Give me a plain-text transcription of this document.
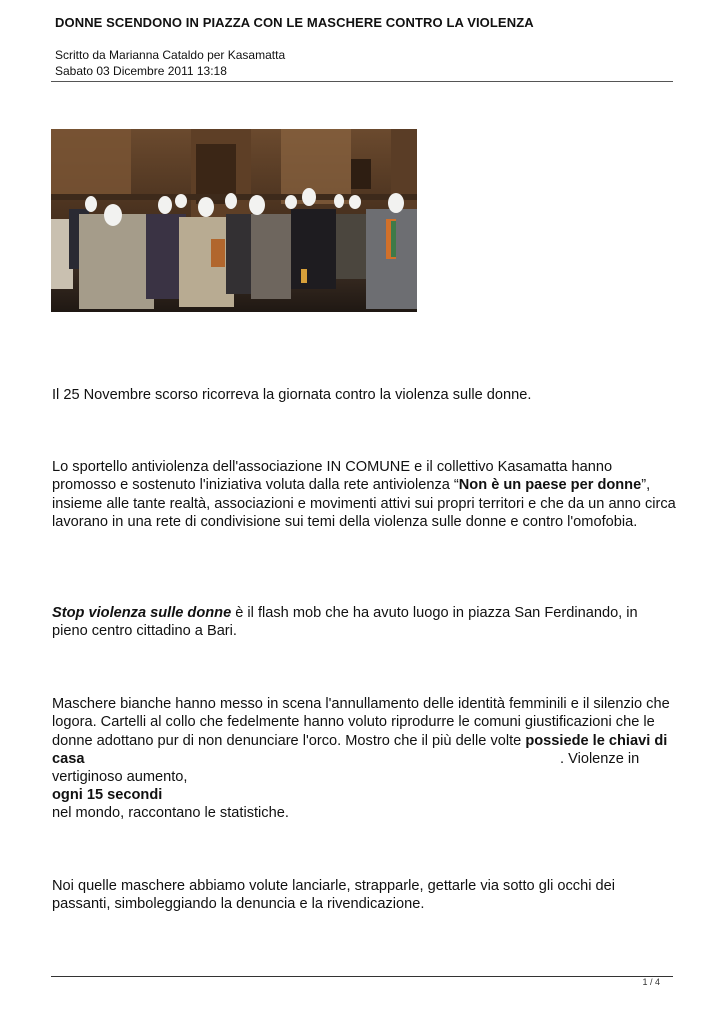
DONNE SCENDONO IN PIAZZA CON LE MASCHERE CONTRO LA VIOLENZA
Scritto da Marianna Cataldo per Kasamatta
Sabato 03 Dicembre 2011 13:18
Il 25 Novembre scorso ricorreva la giornata contro la violenza sulle donne.
Lo sportello antiviolenza dell'associazione IN COMUNE e il collettivo Kasamatta hanno promosso e sostenuto l'iniziativa voluta dalla rete antiviolenza “Non è un paese per donne”, insieme alle tante realtà, associazioni e movimenti attivi sui propri territori e che da un anno circa lavorano in una rete di condivisione sui temi della violenza sulle donne e contro l'omofobia.
Stop violenza sulle donne è il flash mob che ha avuto luogo in piazza San Ferdinando, in pieno centro cittadino a Bari.
Maschere bianche hanno messo in scena l'annullamento delle identità femminili e il silenzio che logora. Cartelli al collo che fedelmente hanno voluto riprodurre le comuni giustificazioni che le donne adottano pur di non denunciare l'orco. Mostro che il più delle volte possiede le chiavi di
casa	. Violenze in
vertiginoso aumento,
ogni 15 secondi
nel mondo, raccontano le statistiche.
Noi quelle maschere abbiamo volute lanciarle, strapparle, gettarle via sotto gli occhi dei passanti, simboleggiando la denuncia e la rivendicazione.
1 / 4
